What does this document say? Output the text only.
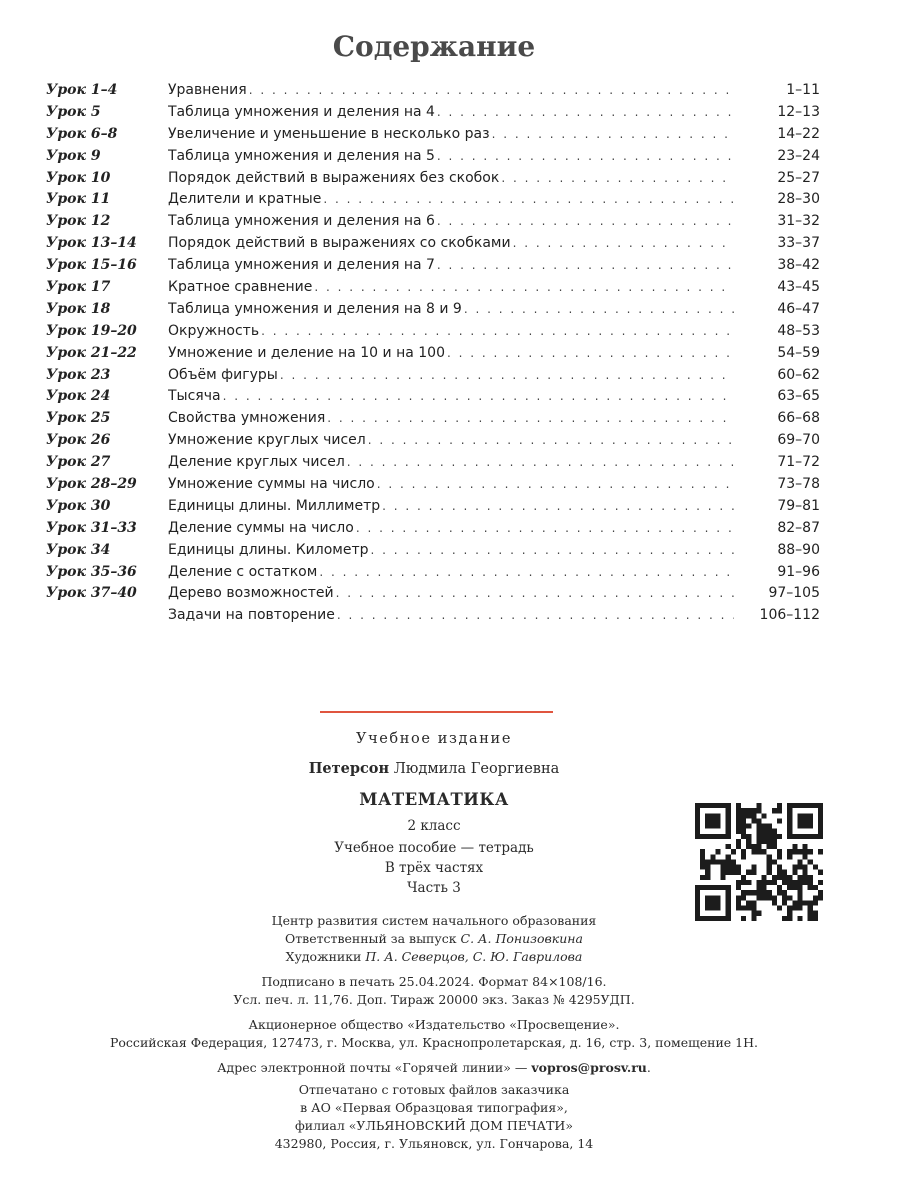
Содержание
Урок 1–4	Уравнения . . .	1–11
Урок 5	Таблица умножения и деления на 4 . . .	12–13
Урок 6–8	Увеличение и уменьшение в несколько раз . . .	14–22
Урок 9	Таблица умножения и деления на 5 . . .	23–24
Урок 10	Порядок действий в выражениях без скобок . . .	25–27
Урок 11	Делители и кратные . . .	28–30
Урок 12	Таблица умножения и деления на 6 . . .	31–32
Урок 13–14	Порядок действий в выражениях со скобками . . .	33–37
Урок 15–16	Таблица умножения и деления на 7 . . .	38–42
Урок 17	Кратное сравнение . . .	43–45
Урок 18	Таблица умножения и деления на 8 и 9 . . .	46–47
Урок 19–20	Окружность . . .	48–53
Урок 21–22	Умножение и деление на 10 и на 100 . . .	54–59
Урок 23	Объём фигуры . . .	60–62
Урок 24	Тысяча . . .	63–65
Урок 25	Свойства умножения . . .	66–68
Урок 26	Умножение круглых чисел . . .	69–70
Урок 27	Деление круглых чисел . . .	71–72
Урок 28–29	Умножение суммы на число . . .	73–78
Урок 30	Единицы длины. Миллиметр . . .	79–81
Урок 31–33	Деление суммы на число . . .	82–87
Урок 34	Единицы длины. Километр . . .	88–90
Урок 35–36	Деление с остатком . . .	91–96
Урок 37–40	Дерево возможностей . . .	97–105
Задачи на повторение . . .	106–112
Учебное издание
Петерсон Людмила Георгиевна
МАТЕМАТИКА
2 класс
Учебное пособие — тетрадь
В трёх частях
Часть 3
Центр развития систем начального образования
Ответственный за выпуск С. А. Понизовкина
Художники П. А. Северцов, С. Ю. Гаврилова
Подписано в печать 25.04.2024. Формат 84×108/16.
Усл. печ. л. 11,76. Доп. Тираж 20000 экз. Заказ № 4295УДП.
Акционерное общество «Издательство «Просвещение».
Российская Федерация, 127473, г. Москва, ул. Краснопролетарская, д. 16, стр. 3, помещение 1Н.
Адрес электронной почты «Горячей линии» — vopros@prosv.ru.
Отпечатано с готовых файлов заказчика
в АО «Первая Образцовая типография»,
филиал «УЛЬЯНОВСКИЙ ДОМ ПЕЧАТИ»
432980, Россия, г. Ульяновск, ул. Гончарова, 14
